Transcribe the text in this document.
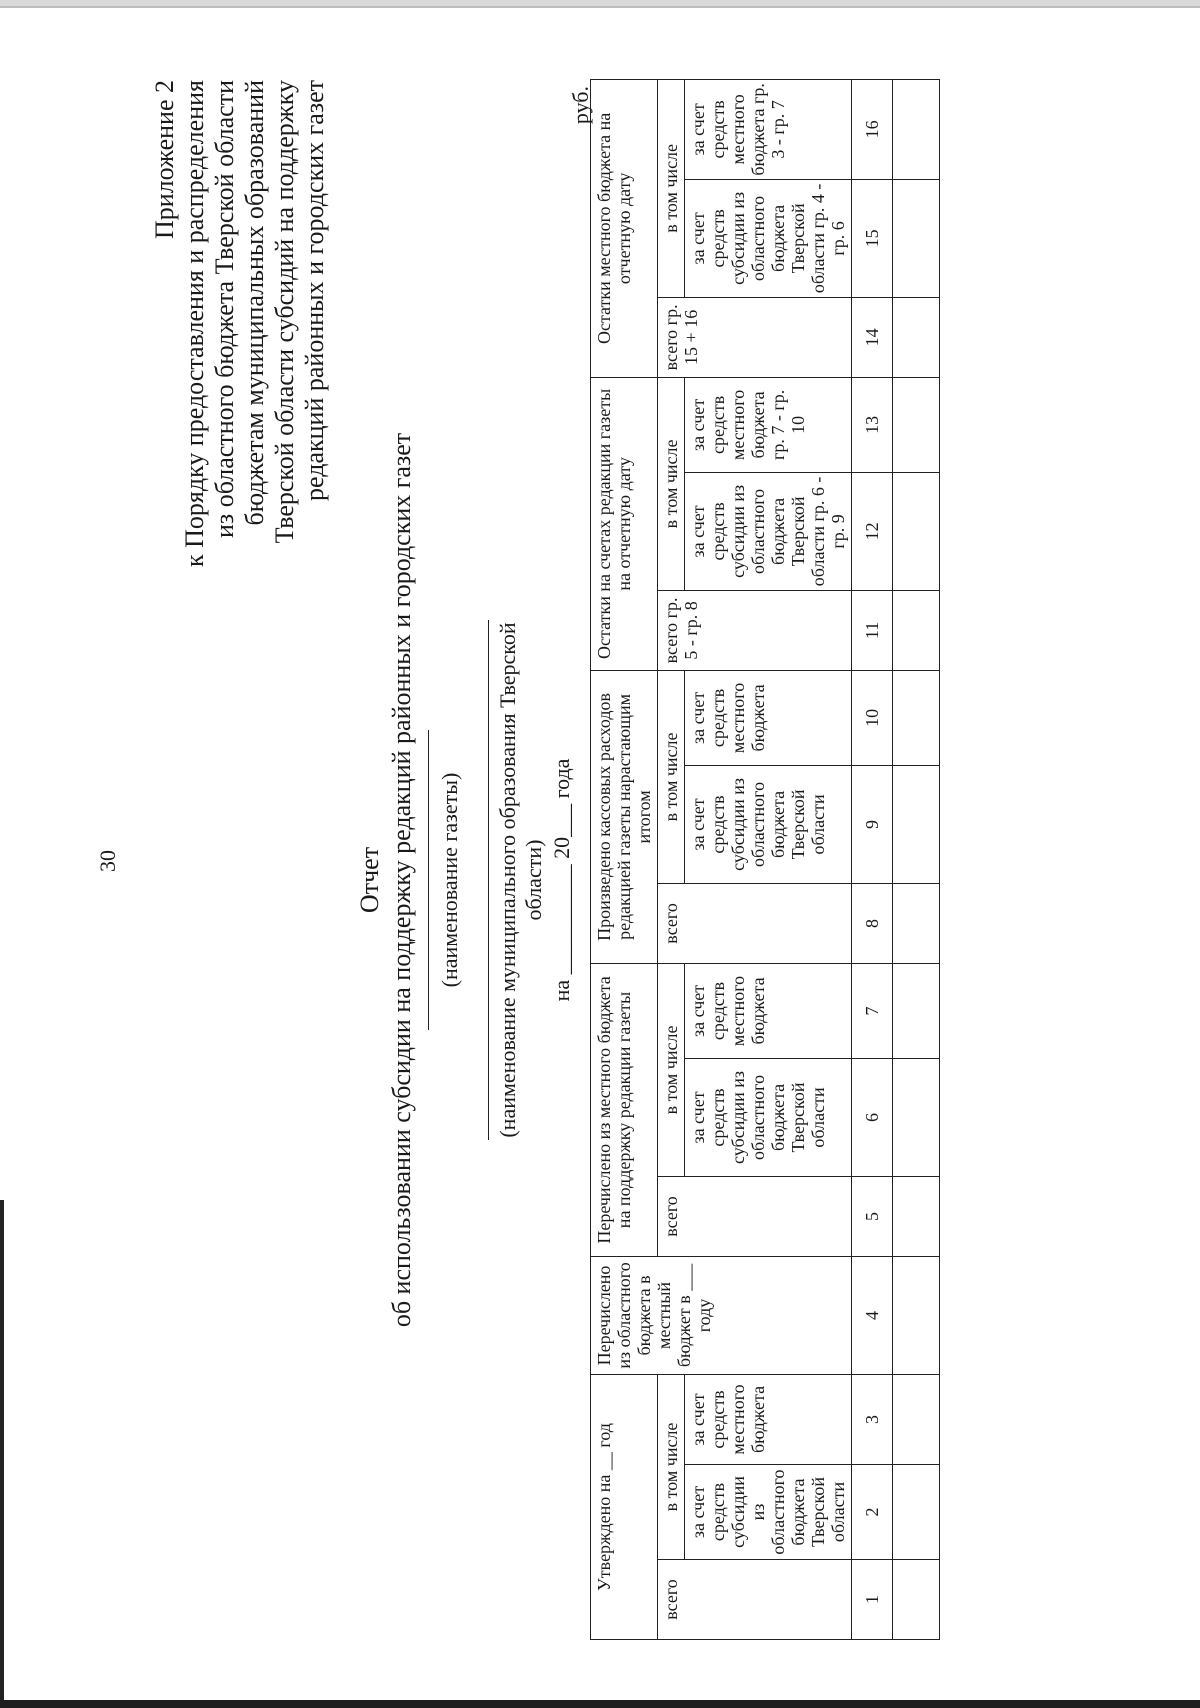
30
Приложение 2 к Порядку предоставления и распределения из областного бюджета Тверской области бюджетам муниципальных образований Тверской области субсидий на поддержку редакций районных и городских газет
Отчет об использовании субсидии на поддержку редакций районных и городских газет (наименование газеты) (наименование муниципального образования Тверской области) на __________ 20___ года
руб.
Утверждено на __ год			Перечислено из областного бюджета в местный бюджет в ___ году	Перечислено из местного бюджета на поддержку редакции газеты			Произведено кассовых расходов редакцией газеты нарастающим итогом			Остатки на счетах редакции газеты на отчетную дату			Остатки местного бюджета на отчетную дату		
всего	в том числе			всего	в том числе		всего	в том числе		всего гр. 5 - гр. 8	в том числе		всего гр. 15 + 16	в том числе	
	за счет средств субсидии из областного бюджета Тверской области	за счет средств местного бюджета			за счет средств субсидии из областного бюджета Тверской области	за счет средств местного бюджета		за счет средств субсидии из областного бюджета Тверской области	за счет средств местного бюджета		за счет средств субсидии из областного бюджета Тверской области гр. 6 - гр. 9	за счет средств местного бюджета гр. 7 - гр. 10		за счет средств субсидии из областного бюджета Тверской области гр. 4 - гр. 6	за счет средств местного бюджета гр. 3 - гр. 7
1	2	3	4	5	6	7	8	9	10	11	12	13	14	15	16
